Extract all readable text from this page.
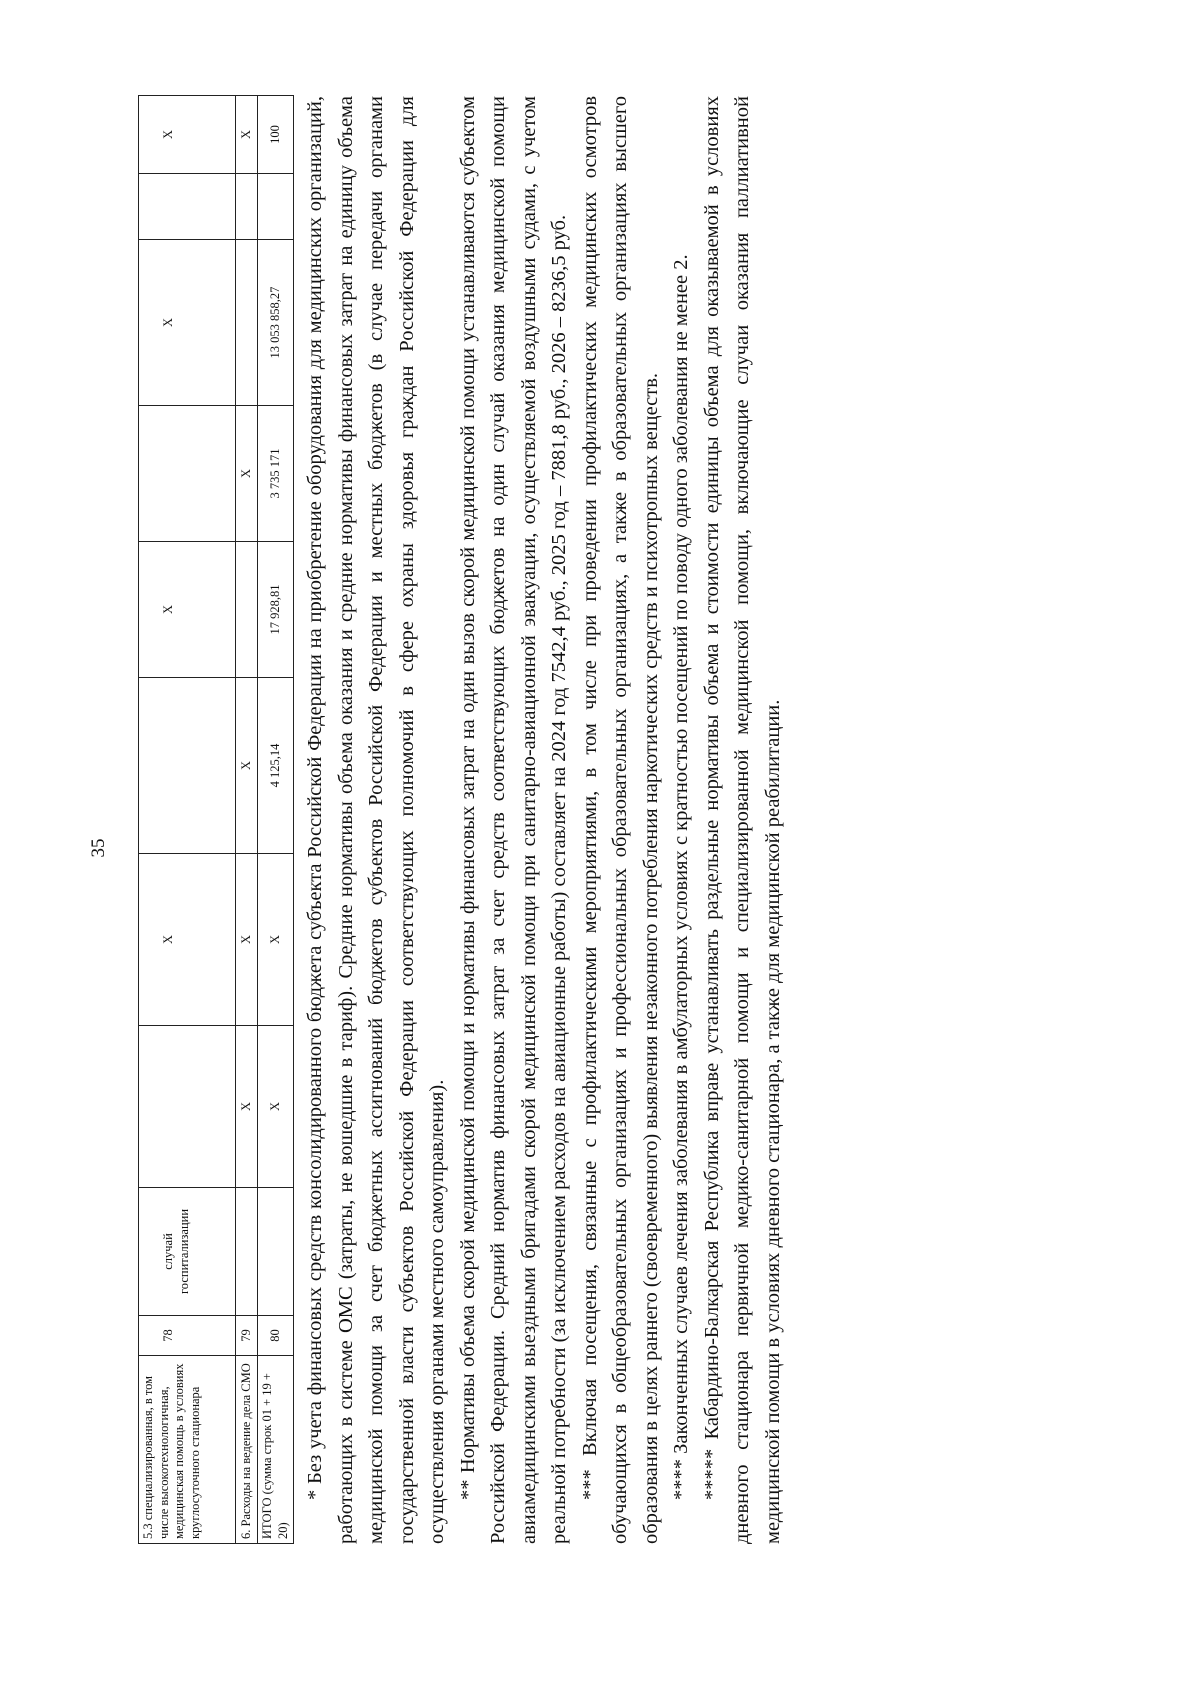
35
5.3 специализированная, в том числе высокотехнологичная, медицинская помощь в условиях круглосуточного стационара	78	случай госпитализации		X		X		X		X
6. Расходы на ведение дела СМО	79		X	X	X		X			X
ИТОГО (сумма строк 01 + 19 + 20)	80		X	X	4 125,14	17 928,81	3 735 171	13 053 858,27		100 * Без учета финансовых средств консолидированного бюджета субъекта Российской Федерации на приобретение оборудования для медицинских организаций, работающих в системе ОМС (затраты, не вошедшие в тариф). Средние нормативы объема оказания и средние нормативы финансовых затрат на единицу объема медицинской помощи за счет бюджетных ассигнований бюджетов субъектов Российской Федерации и местных бюджетов (в случае передачи органами государственной власти субъектов Российской Федерации соответствующих полномочий в сфере охраны здоровья граждан Российской Федерации для осуществления органами местного самоуправления). ** Нормативы объема скорой медицинской помощи и нормативы финансовых затрат на один вызов скорой медицинской помощи устанавливаются субъектом Российской Федерации. Средний норматив финансовых затрат за счет средств соответствующих бюджетов на один случай оказания медицинской помощи авиамедицинскими выездными бригадами скорой медицинской помощи при санитарно-авиационной эвакуации, осуществляемой воздушными судами, с учетом реальной потребности (за исключением расходов на авиационные работы) составляет на 2024 год 7542,4 руб., 2025 год – 7881,8 руб., 2026 – 8236,5 руб. *** Включая посещения, связанные с профилактическими мероприятиями, в том числе при проведении профилактических медицинских осмотров обучающихся в общеобразовательных организациях и профессиональных образовательных организациях, а также в образовательных организациях высшего образования в целях раннего (своевременного) выявления незаконного потребления наркотических средств и психотропных веществ. **** Законченных случаев лечения заболевания в амбулаторных условиях с кратностью посещений по поводу одного заболевания не менее 2. ***** Кабардино-Балкарская Республика вправе устанавливать раздельные нормативы объема и стоимости единицы объема для оказываемой в условиях дневного стационара первичной медико-санитарной помощи и специализированной медицинской помощи, включающие случаи оказания паллиативной медицинской помощи в условиях дневного стационара, а также для медицинской реабилитации.
